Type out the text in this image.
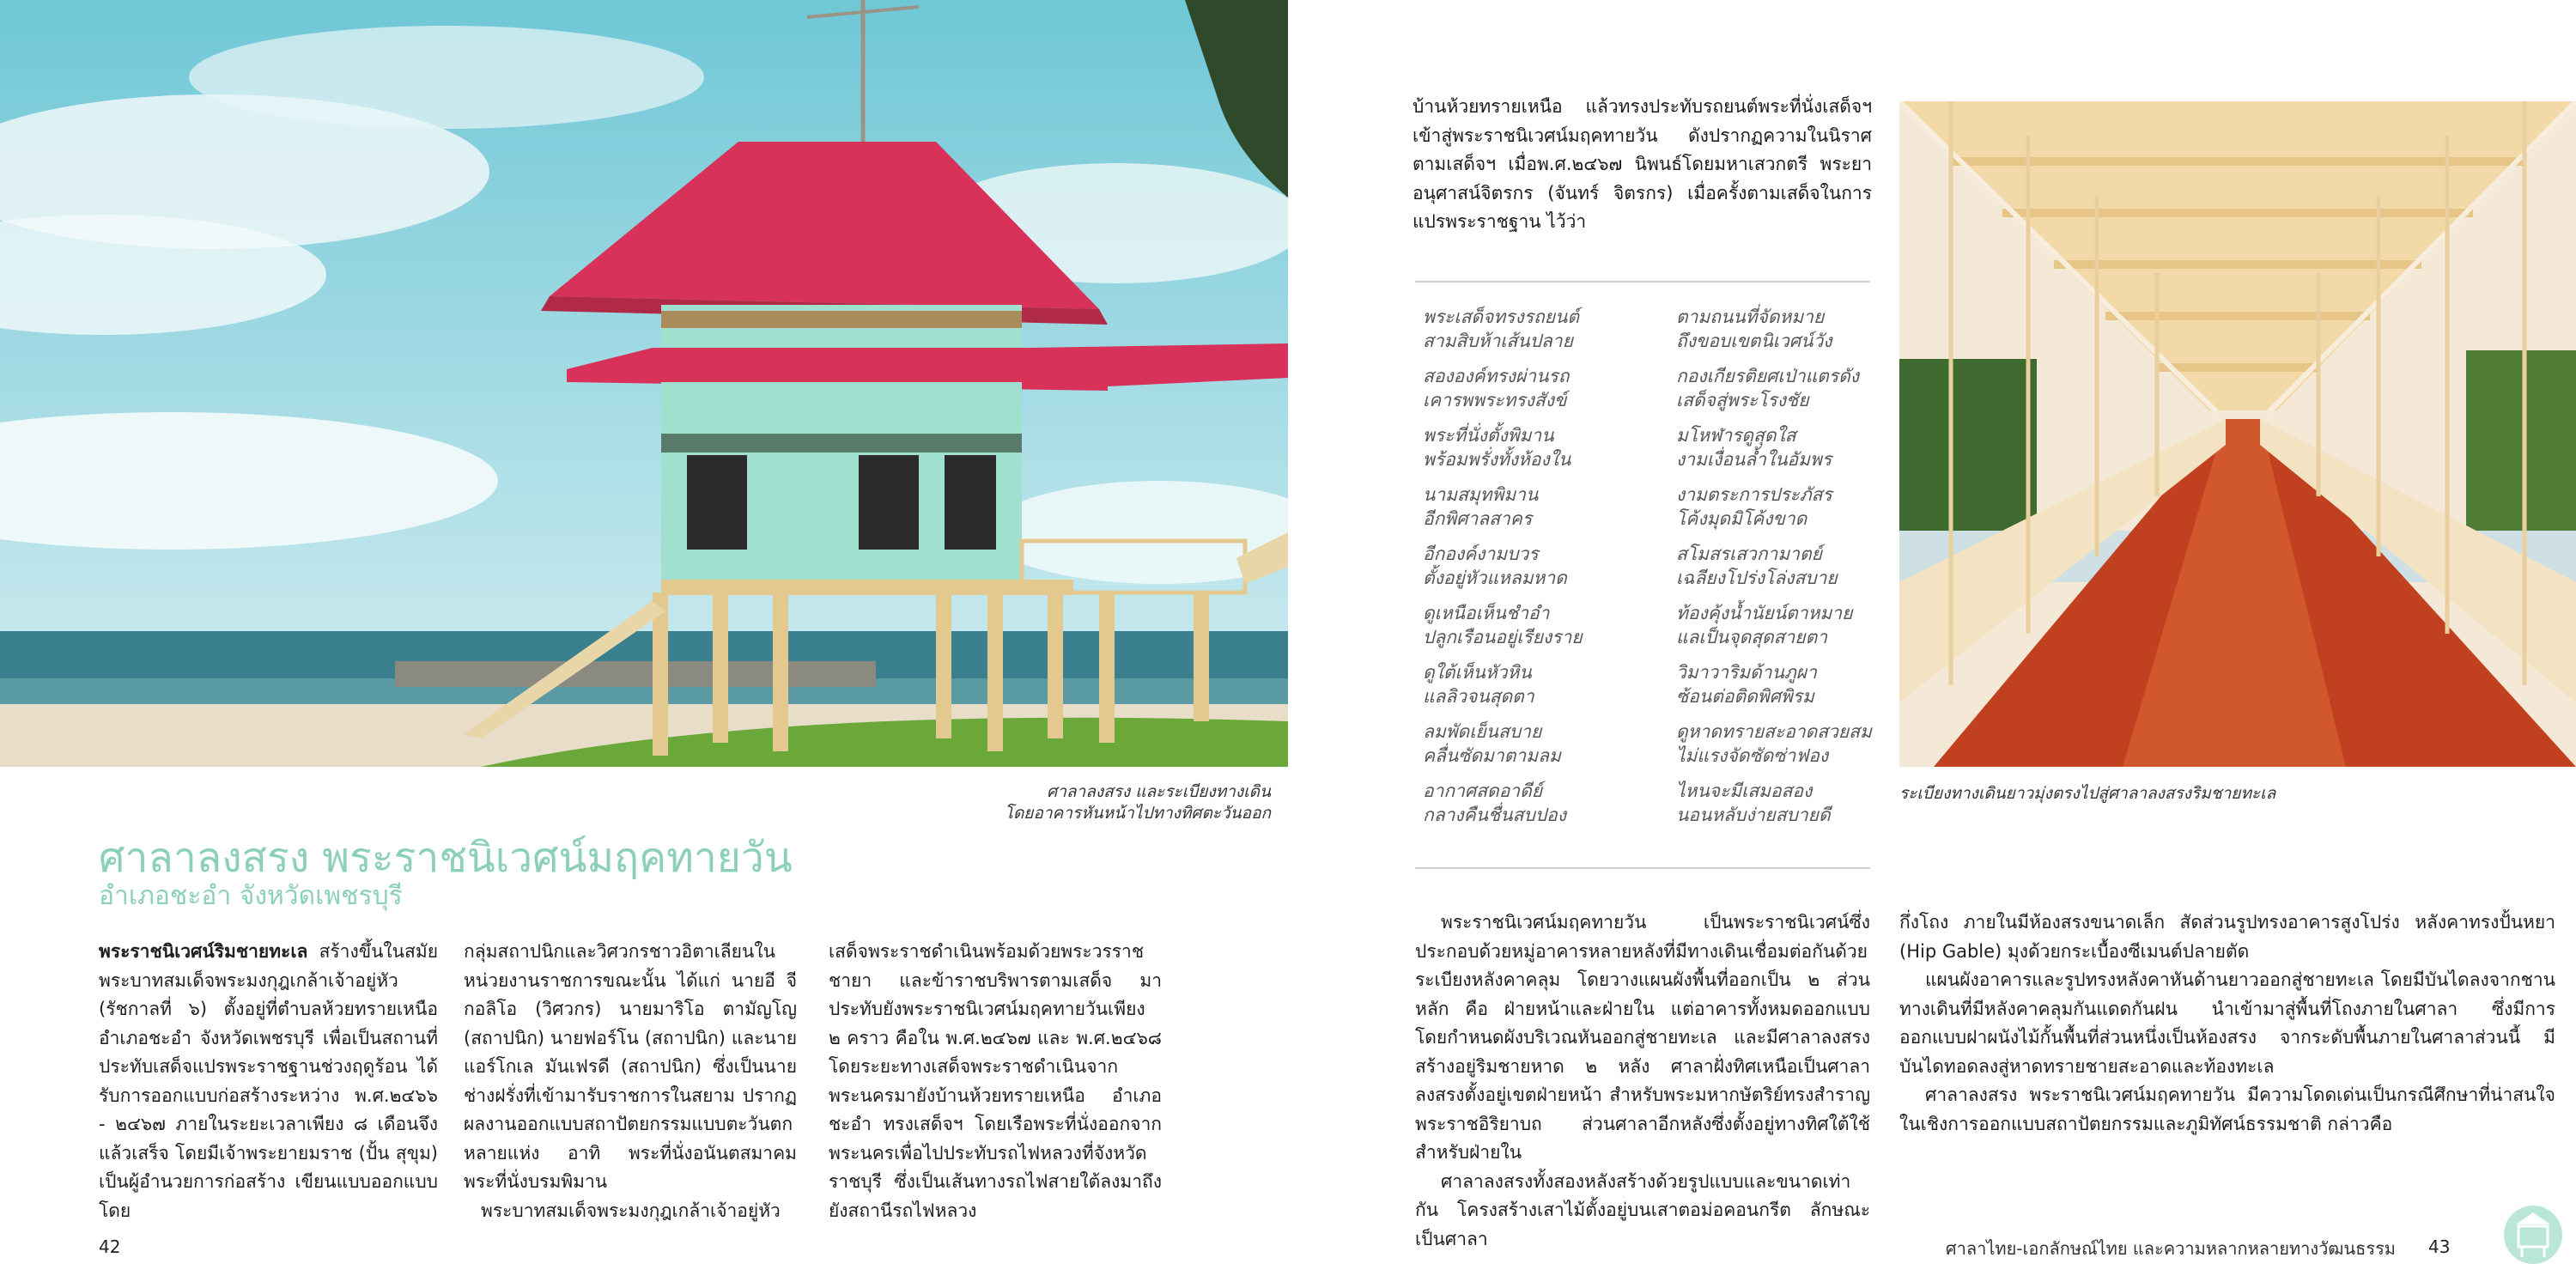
ศาลาลงสรง และระเบียงทางเดิน
โดยอาคารหันหน้าไปทางทิศตะวันออก
ศาลาลงสรง พระราชนิเวศน์มฤคทายวัน
อำเภอชะอำ จังหวัดเพชรบุรี

พระราชนิเวศน์ริมชายทะเล สร้างขึ้นในสมัยพระบาทสมเด็จพระมงกุฎเกล้าเจ้าอยู่หัว (รัชกาลที่ ๖) ตั้งอยู่ที่ตำบลห้วยทรายเหนือ อำเภอชะอำ จังหวัดเพชรบุรี เพื่อเป็นสถานที่ประทับเสด็จแปรพระราชฐานช่วงฤดูร้อน ได้รับการออกแบบก่อสร้างระหว่าง พ.ศ.๒๔๖๖ - ๒๔๖๗ ภายในระยะเวลาเพียง ๘ เดือนจึงแล้วเสร็จ โดยมีเจ้าพระยายมราช (ปั้น สุขุม) เป็นผู้อำนวยการก่อสร้าง เขียนแบบออกแบบโดย

กลุ่มสถาปนิกและวิศวกรชาวอิตาเลียนในหน่วยงานราชการขณะนั้น ได้แก่ นายอี จีกอลิโอ (วิศวกร) นายมาริโอ ตามัญโญ (สถาปนิก) นายฟอร์โน (สถาปนิก) และนายแอร์โกเล มันเฟรดี (สถาปนิก) ซึ่งเป็นนายช่างฝรั่งที่เข้ามารับราชการในสยาม ปรากฏผลงานออกแบบสถาปัตยกรรมแบบตะวันตกหลายแห่ง อาทิ พระที่นั่งอนันตสมาคม พระที่นั่งบรมพิมาน

พระบาทสมเด็จพระมงกุฎเกล้าเจ้าอยู่หัว

เสด็จพระราชดำเนินพร้อมด้วยพระวรราชชายา และข้าราชบริพารตามเสด็จ มาประทับยังพระราชนิเวศน์มฤคทายวันเพียง ๒ คราว คือใน พ.ศ.๒๔๖๗ และ พ.ศ.๒๔๖๘ โดยระยะทางเสด็จพระราชดำเนินจากพระนครมายังบ้านห้วยทรายเหนือ อำเภอชะอำ ทรงเสด็จฯ โดยเรือพระที่นั่งออกจากพระนครเพื่อไปประทับรถไฟหลวงที่จังหวัดราชบุรี ซึ่งเป็นเส้นทางรถไฟสายใต้ลงมาถึงยังสถานีรถไฟหลวง

42
บ้านห้วยทรายเหนือ แล้วทรงประทับรถยนต์พระที่นั่งเสด็จฯ เข้าสู่พระราชนิเวศน์มฤคทายวัน ดังปรากฏความในนิราศตามเสด็จฯ เมื่อพ.ศ.๒๔๖๗ นิพนธ์โดยมหาเสวกตรี พระยาอนุศาสน์จิตรกร (จันทร์ จิตรกร) เมื่อครั้งตามเสด็จในการแปรพระราชฐาน ไว้ว่า
พระเสด็จทรงรถยนต์
สามสิบห้าเส้นปลาย
ตามถนนที่จัดหมาย
ถึงขอบเขตนิเวศน์วัง
สององค์ทรงผ่านรถ
เคารพพระทรงสังข์
กองเกียรติยศเป่าแตรดัง
เสด็จสู่พระโรงชัย
พระที่นั่งตั้งพิมาน
พร้อมพรั่งทั้งห้องใน
มโหฬารดูสุดใส
งามเงื่อนล้ำในอัมพร
นามสมุทพิมาน
อีกพิศาลสาคร
งามตระการประภัสร
โค้งมุดมิโค้งขาด
อีกองค์งามบวร
ตั้งอยู่หัวแหลมหาด
สโมสรเสวกามาตย์
เฉลียงโปร่งโล่งสบาย
ดูเหนือเห็นชำอำ
ปลูกเรือนอยู่เรียงราย
ท้องคุ้งน้ำนัยน์ตาหมาย
แลเป็นจุดสุดสายตา
ดูใต้เห็นหัวหิน
แลลิวจนสุดตา
วิมาวาริมด้านภูผา
ซ้อนต่อติดพิศพิรม
ลมพัดเย็นสบาย
คลื่นซัดมาตามลม
ดูหาดทรายสะอาดสวยสม
ไม่แรงจัดซัดซ่าฟอง
อากาศสดอาดีย์
กลางคืนชื่นสบปอง
ไหนจะมีเสมอสอง
นอนหลับง่ายสบายดี
ระเบียงทางเดินยาวมุ่งตรงไปสู่ศาลาลงสรงริมชายทะเล

พระราชนิเวศน์มฤคทายวัน เป็นพระราชนิเวศน์ซึ่งประกอบด้วยหมู่อาคารหลายหลังที่มีทางเดินเชื่อมต่อกันด้วยระเบียงหลังคาคลุม โดยวางแผนผังพื้นที่ออกเป็น ๒ ส่วนหลัก คือ ฝ่ายหน้าและฝ่ายใน แต่อาคารทั้งหมดออกแบบโดยกำหนดผังบริเวณหันออกสู่ชายทะเล และมีศาลาลงสรงสร้างอยู่ริมชายหาด ๒ หลัง ศาลาฝั่งทิศเหนือเป็นศาลาลงสรงตั้งอยู่เขตฝ่ายหน้า สำหรับพระมหากษัตริย์ทรงสำราญพระราชอิริยาบถ ส่วนศาลาอีกหลังซึ่งตั้งอยู่ทางทิศใต้ใช้สำหรับฝ่ายใน

ศาลาลงสรงทั้งสองหลังสร้างด้วยรูปแบบและขนาดเท่ากัน โครงสร้างเสาไม้ตั้งอยู่บนเสาตอม่อคอนกรีต ลักษณะเป็นศาลา

กึ่งโถง ภายในมีห้องสรงขนาดเล็ก สัดส่วนรูปทรงอาคารสูงโปร่ง หลังคาทรงปั้นหยา (Hip Gable) มุงด้วยกระเบื้องซีเมนต์ปลายตัด

แผนผังอาคารและรูปทรงหลังคาหันด้านยาวออกสู่ชายทะเล โดยมีบันไดลงจากชานทางเดินที่มีหลังคาคลุมกันแดดกันฝน นำเข้ามาสู่พื้นที่โถงภายในศาลา ซึ่งมีการออกแบบฝาผนังไม้กั้นพื้นที่ส่วนหนึ่งเป็นห้องสรง จากระดับพื้นภายในศาลาส่วนนี้ มีบันไดทอดลงสู่หาดทรายชายสะอาดและท้องทะเล

ศาลาลงสรง พระราชนิเวศน์มฤคทายวัน มีความโดดเด่นเป็นกรณีศึกษาที่น่าสนใจในเชิงการออกแบบสถาปัตยกรรมและภูมิทัศน์ธรรมชาติ กล่าวคือ

ศาลาไทย-เอกลักษณ์ไทย และความหลากหลายทางวัฒนธรรม 43
